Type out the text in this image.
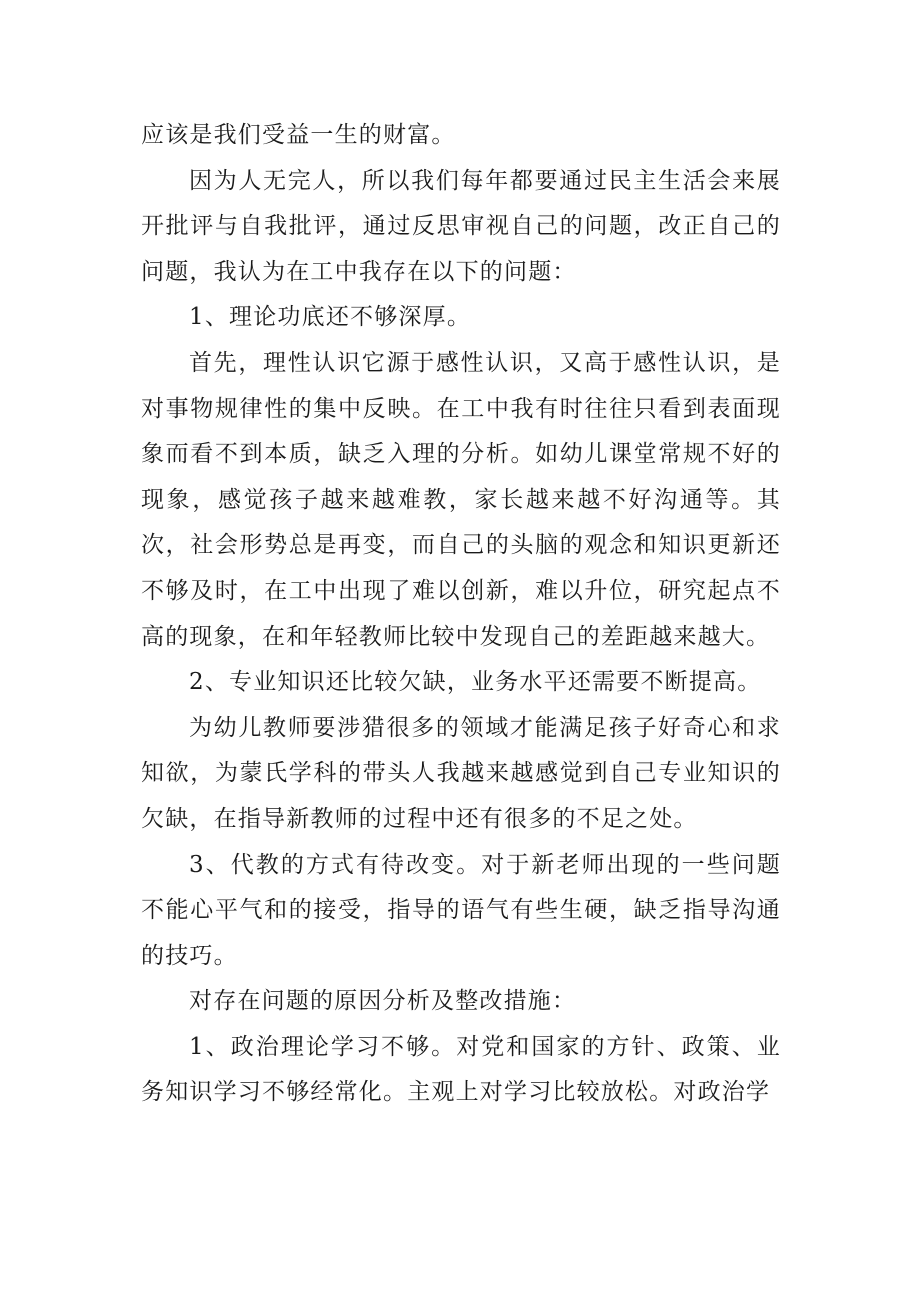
应该是我们受益一生的财富。

因为人无完人，所以我们每年都要通过民主生活会来展开批评与自我批评，通过反思审视自己的问题，改正自己的问题，我认为在工中我存在以下的问题：

1、理论功底还不够深厚。

首先，理性认识它源于感性认识，又高于感性认识，是对事物规律性的集中反映。在工中我有时往往只看到表面现象而看不到本质，缺乏入理的分析。如幼儿课堂常规不好的现象，感觉孩子越来越难教，家长越来越不好沟通等。其次，社会形势总是再变，而自己的头脑的观念和知识更新还不够及时，在工中出现了难以创新，难以升位，研究起点不高的现象，在和年轻教师比较中发现自己的差距越来越大。

2、专业知识还比较欠缺，业务水平还需要不断提高。

为幼儿教师要涉猎很多的领域才能满足孩子好奇心和求知欲，为蒙氏学科的带头人我越来越感觉到自己专业知识的欠缺，在指导新教师的过程中还有很多的不足之处。

3、代教的方式有待改变。对于新老师出现的一些问题不能心平气和的接受，指导的语气有些生硬，缺乏指导沟通的技巧。

对存在问题的原因分析及整改措施：

1、政治理论学习不够。对党和国家的方针、政策、业务知识学习不够经常化。主观上对学习比较放松。对政治学
